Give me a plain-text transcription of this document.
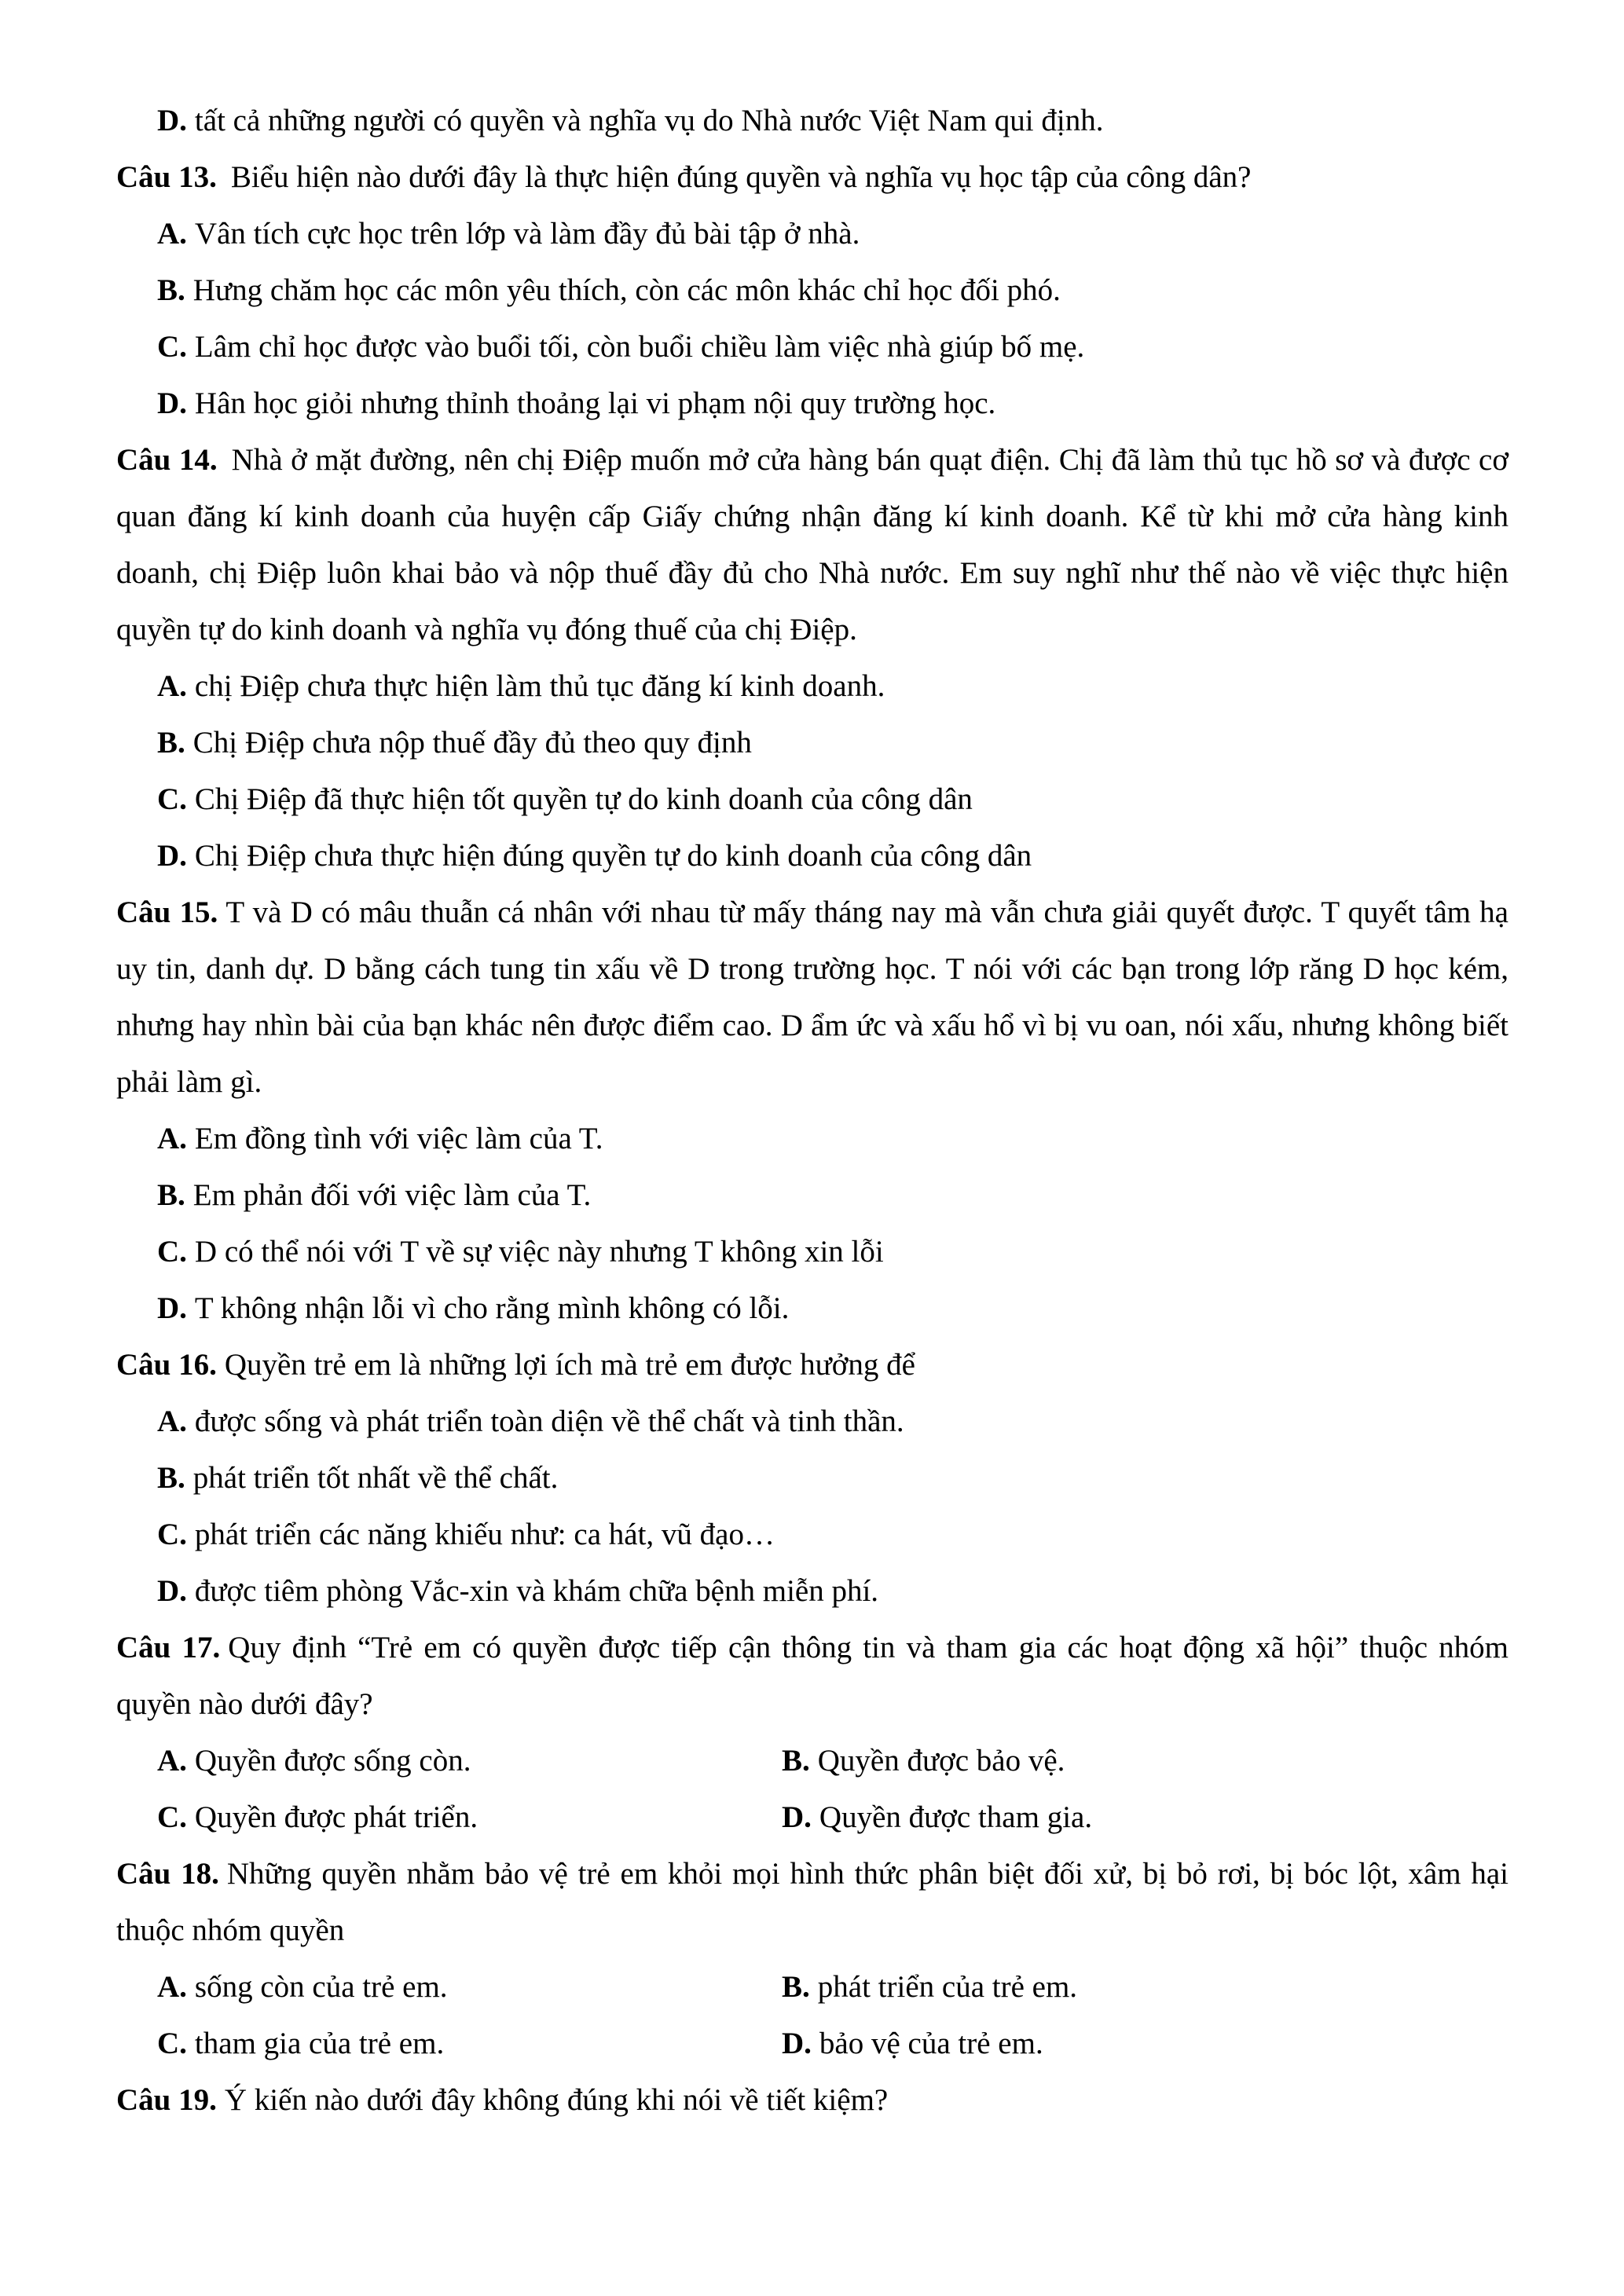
D. tất cả những người có quyền và nghĩa vụ do Nhà nước Việt Nam qui định.

Câu 13. Biểu hiện nào dưới đây là thực hiện đúng quyền và nghĩa vụ học tập của công dân?

A. Vân tích cực học trên lớp và làm đầy đủ bài tập ở nhà.

B. Hưng chăm học các môn yêu thích, còn các môn khác chỉ học đối phó.

C. Lâm chỉ học được vào buổi tối, còn buổi chiều làm việc nhà giúp bố mẹ.

D. Hân học giỏi nhưng thỉnh thoảng lại vi phạm nội quy trường học.

Câu 14. Nhà ở mặt đường, nên chị Điệp muốn mở cửa hàng bán quạt điện. Chị đã làm thủ tục hồ sơ và được cơ quan đăng kí kinh doanh của huyện cấp Giấy chứng nhận đăng kí kinh doanh. Kể từ khi mở cửa hàng kinh doanh, chị Điệp luôn khai bảo và nộp thuế đầy đủ cho Nhà nước. Em suy nghĩ như thế nào về việc thực hiện quyền tự do kinh doanh và nghĩa vụ đóng thuế của chị Điệp.

A. chị Điệp chưa thực hiện làm thủ tục đăng kí kinh doanh.

B. Chị Điệp chưa nộp thuế đầy đủ theo quy định

C. Chị Điệp đã thực hiện tốt quyền tự do kinh doanh của công dân

D. Chị Điệp chưa thực hiện đúng quyền tự do kinh doanh của công dân

Câu 15. T và D có mâu thuẫn cá nhân với nhau từ mấy tháng nay mà vẫn chưa giải quyết được. T quyết tâm hạ uy tin, danh dự. D bằng cách tung tin xấu về D trong trường học. T nói với các bạn trong lớp răng D học kém, nhưng hay nhìn bài của bạn khác nên được điểm cao. D ẩm ức và xấu hổ vì bị vu oan, nói xấu, nhưng không biết phải làm gì.

A. Em đồng tình với việc làm của T.

B. Em phản đối với việc làm của T.

C. D có thể nói với T về sự việc này nhưng T không xin lỗi

D. T không nhận lỗi vì cho rằng mình không có lỗi.

Câu 16. Quyền trẻ em là những lợi ích mà trẻ em được hưởng để

A. được sống và phát triển toàn diện về thể chất và tinh thần.

B. phát triển tốt nhất về thể chất.

C. phát triển các năng khiếu như: ca hát, vũ đạo…

D. được tiêm phòng Vắc-xin và khám chữa bệnh miễn phí.

Câu 17. Quy định “Trẻ em có quyền được tiếp cận thông tin và tham gia các hoạt động xã hội” thuộc nhóm quyền nào dưới đây?

A. Quyền được sống còn.	B. Quyền được bảo vệ.

C. Quyền được phát triển.	D. Quyền được tham gia.

Câu 18. Những quyền nhằm bảo vệ trẻ em khỏi mọi hình thức phân biệt đối xử, bị bỏ rơi, bị bóc lột, xâm hại thuộc nhóm quyền

A. sống còn của trẻ em.	B. phát triển của trẻ em.

C. tham gia của trẻ em.	D. bảo vệ của trẻ em.

Câu 19. Ý kiến nào dưới đây không đúng khi nói về tiết kiệm?
